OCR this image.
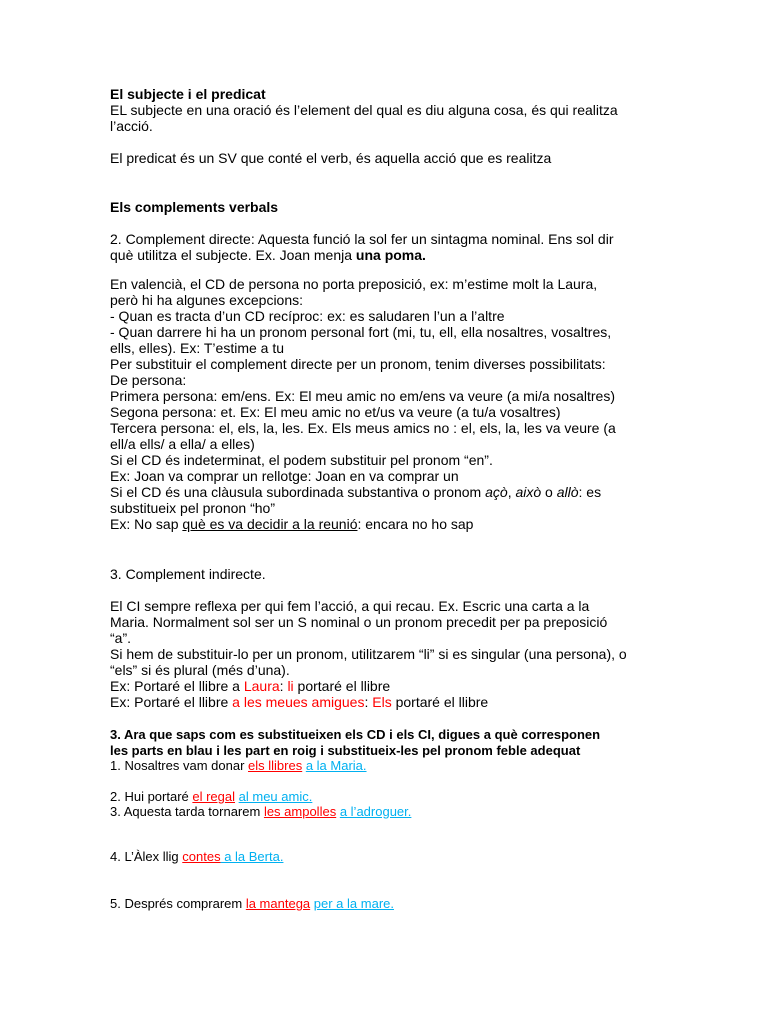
El subjecte i el predicat
EL subjecte en una oració és l’element del qual es diu alguna cosa, és qui realitza
l’acció.
El predicat és un SV que conté el verb, és aquella acció que es realitza
Els complements verbals
2. Complement directe: Aquesta funció la sol fer un sintagma nominal. Ens sol dir
què utilitza el subjecte. Ex. Joan menja una poma.
En valencià, el CD de persona no porta preposició, ex: m’estime molt la Laura,
però hi ha algunes excepcions:
- Quan es tracta d’un CD recíproc: ex: es saludaren l’un a l’altre
- Quan darrere hi ha un pronom personal fort (mi, tu, ell, ella nosaltres, vosaltres,
ells, elles). Ex: T’estime a tu
Per substituir el complement directe per un pronom, tenim diverses possibilitats:
De persona:
Primera persona: em/ens. Ex: El meu amic no em/ens va veure (a mi/a nosaltres)
Segona persona: et. Ex: El meu amic no et/us va veure (a tu/a vosaltres)
Tercera persona: el, els, la, les. Ex. Els meus amics no : el, els, la, les va veure (a
ell/a ells/ a ella/ a elles)
Si el CD és indeterminat, el podem substituir pel pronom “en”.
Ex: Joan va comprar un rellotge: Joan en va comprar un
Si el CD és una clàusula subordinada substantiva o pronom açò, això o allò: es
substitueix pel pronon “ho”
Ex: No sap què es va decidir a la reunió: encara no ho sap
3. Complement indirecte.
El CI sempre reflexa per qui fem l’acció, a qui recau. Ex. Escric una carta a la
Maria. Normalment sol ser un S nominal o un pronom precedit per pa preposició
“a”.
Si hem de substituir-lo per un pronom, utilitzarem “li” si es singular (una persona), o
“els” si és plural (més d’una).
Ex: Portaré el llibre a Laura: li portaré el llibre
Ex: Portaré el llibre a les meues amigues: Els portaré el llibre
3. Ara que saps com es substitueixen els CD i els CI, digues a què corresponen
les parts en blau i les part en roig i substitueix-les pel pronom feble adequat
1. Nosaltres vam donar els llibres a la Maria.
2. Hui portaré el regal al meu amic.
3. Aquesta tarda tornarem les ampolles a l’adroguer.
4. L’Àlex llig contes a la Berta.
5. Després comprarem la mantega per a la mare.
